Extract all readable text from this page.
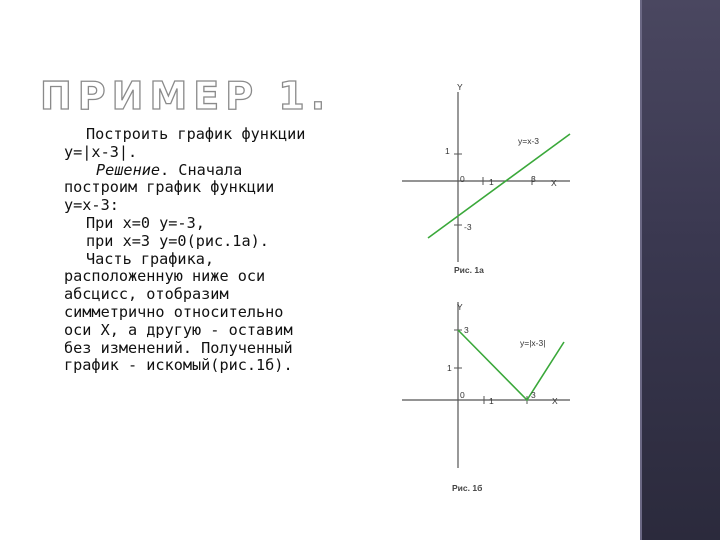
ПРИМЕР 1.

Построить график функции y=|x-3|.

Решение. Сначала построим график функции y=x-3:

При x=0 y=-3,

при x=3 y=0(рис.1а).

Часть графика, расположенную ниже оси абсцисс, отобразим симметрично относительно оси X, а другую - оставим без изменений. Полученный график - искомый(рис.1б).

Y
X
0
1
1	3
-3
y=x-3
Рис. 1а
Y
X
0
1
3
1
3
y=|x-3|
Рис. 1б
